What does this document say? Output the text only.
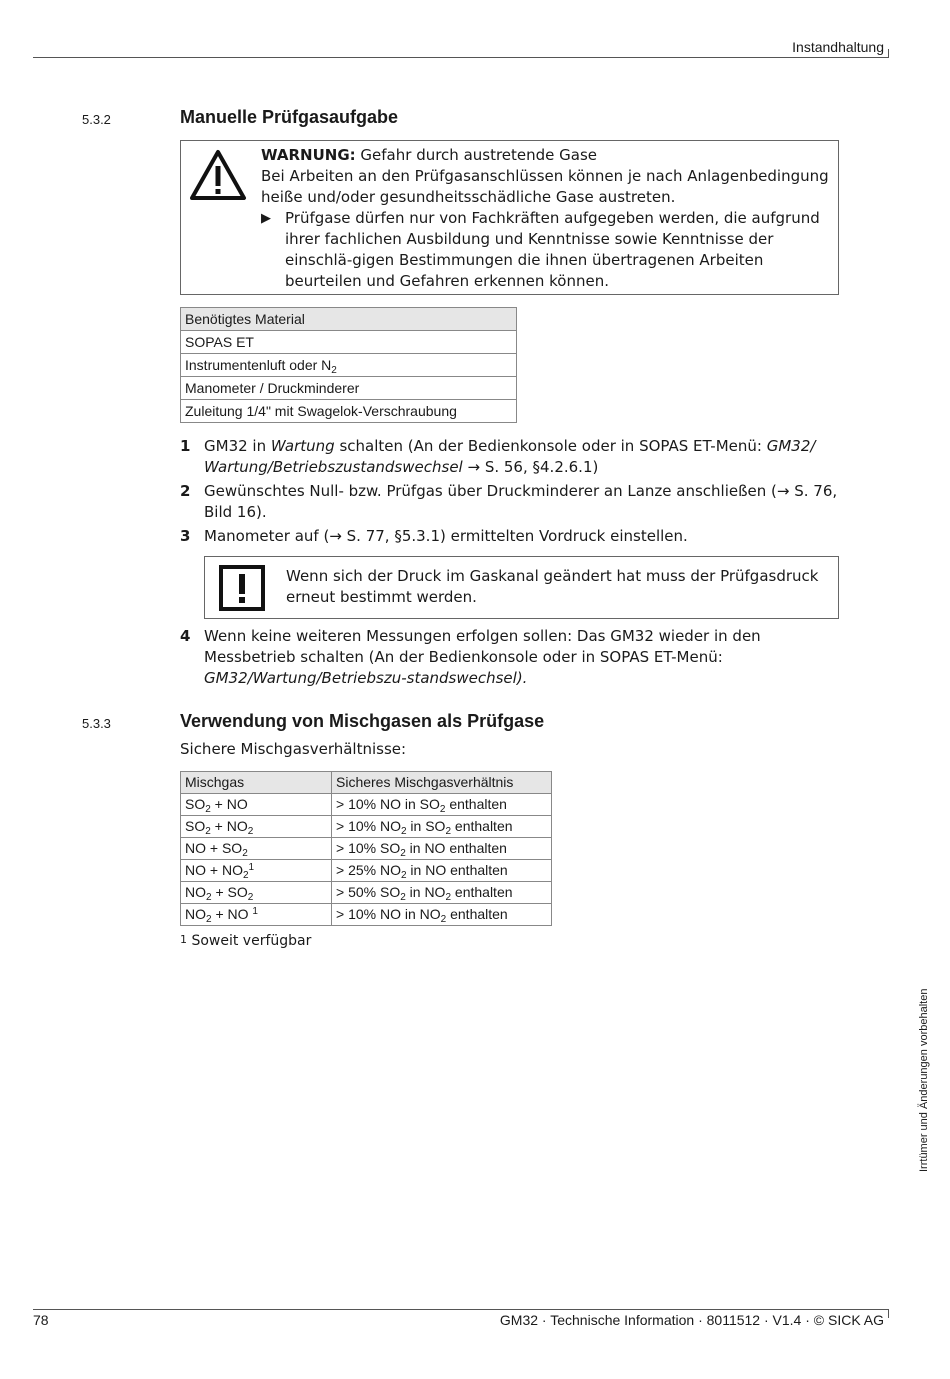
Instandhaltung
5.3.2	Manuelle Prüfgasaufgabe
WARNUNG: Gefahr durch austretende Gase
Bei Arbeiten an den Prüfgasanschlüssen können je nach Anlagenbedingung heiße und/oder gesundheitsschädliche Gase austreten.
▶ Prüfgase dürfen nur von Fachkräften aufgegeben werden, die aufgrund ihrer fachlichen Ausbildung und Kenntnisse sowie Kenntnisse der einschlä-gigen Bestimmungen die ihnen übertragenen Arbeiten beurteilen und Gefahren erkennen können.
Benötigtes Material
SOPAS ET
Instrumentenluft oder $N_2$
Manometer / Druckminderer
Zuleitung 1/4" mit Swagelok-Verschraubung
1 GM32 in Wartung schalten (An der Bedienkonsole oder in SOPAS ET-Menü: GM32/ Wartung/Betriebszustandswechsel → S. 56, §4.2.6.1)
2 Gewünschtes Null- bzw. Prüfgas über Druckminderer an Lanze anschließen (→ S. 76, Bild 16).
3 Manometer auf (→ S. 77, §5.3.1) ermittelten Vordruck einstellen.
Wenn sich der Druck im Gaskanal geändert hat muss der Prüfgasdruck erneut bestimmt werden.
4 Wenn keine weiteren Messungen erfolgen sollen: Das GM32 wieder in den Messbetrieb schalten (An der Bedienkonsole oder in SOPAS ET-Menü: GM32/Wartung/Betriebszu-standswechsel).
5.3.3	Verwendung von Mischgasen als Prüfgase
Sichere Mischgasverhältnisse:
Mischgas	Sicheres Mischgasverhältnis
$SO_2$ + NO	> 10% NO in $SO_2$ enthalten
$SO_2 + NO_2$	> 10% $NO_2$ in $SO_2$ enthalten
NO + $SO_2$	> 10% $SO_2$ in NO enthalten
NO + $NO_2^1$	> 25% $NO_2$ in NO enthalten
$NO_2 + SO_2$	> 50% $SO_2$ in $NO_2$ enthalten
$NO_2$ + NO $^1$	> 10% NO in $NO_2$ enthalten
1 Soweit verfügbar
Irrtümer und Änderungen vorbehalten
78	GM32 · Technische Information · 8011512 · V1.4 · © SICK AG
